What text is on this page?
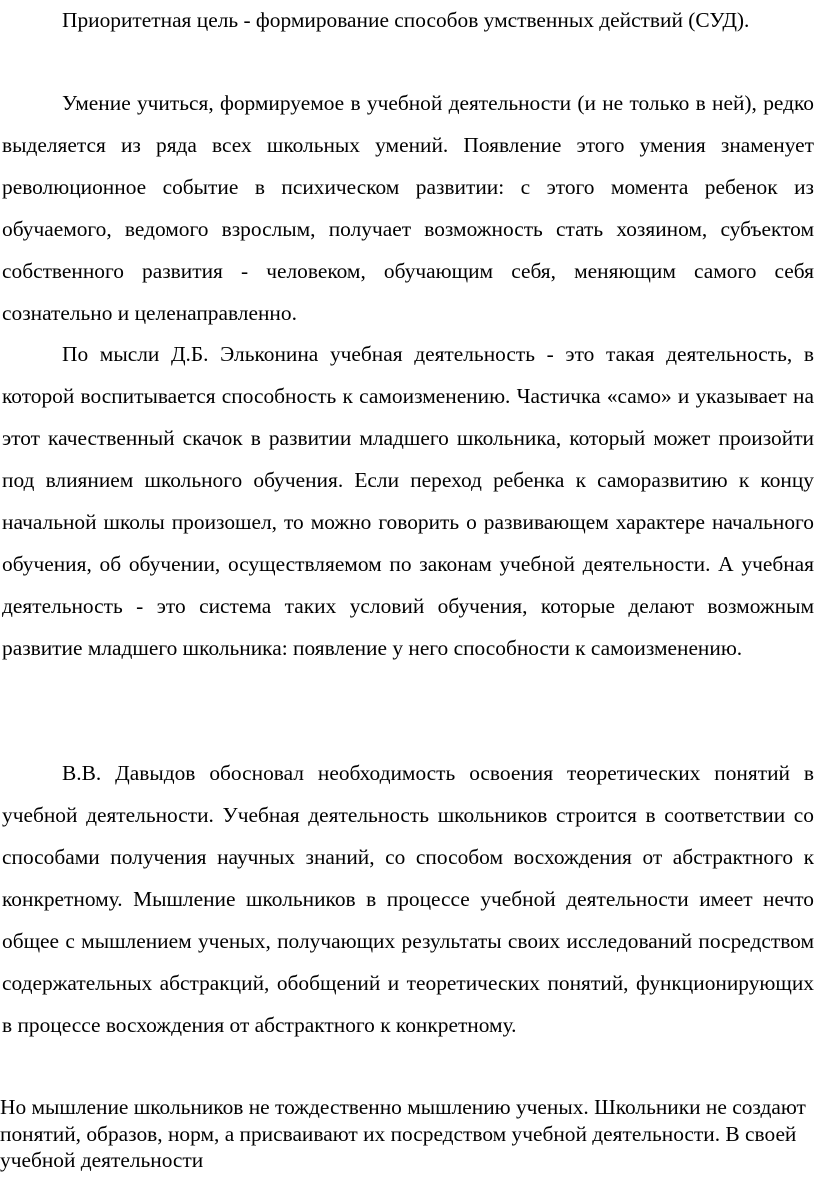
Приоритетная цель - формирование способов умственных действий (СУД).

Умение учиться, формируемое в учебной деятельности (и не только в ней), редко выделяется из ряда всех школьных умений. Появление этого умения знаменует революционное событие в психическом развитии: с этого момента ребенок из обучаемого, ведомого взрослым, получает возможность стать хозяином, субъектом собственного развития - человеком, обучающим себя, меняющим самого себя сознательно и целенаправленно.

По мысли Д.Б. Эльконина учебная деятельность - это такая деятельность, в которой воспитывается способность к самоизменению. Частичка «само» и указывает на этот качественный скачок в развитии младшего школьника, который может произойти под влиянием школьного обучения. Если переход ребенка к саморазвитию к концу начальной школы произошел, то можно говорить о развивающем характере начального обучения, об обучении, осуществляемом по законам учебной деятельности. А учебная деятельность - это система таких условий обучения, которые делают возможным развитие младшего школьника: появление у него способности к самоизменению.

В.В. Давыдов обосновал необходимость освоения теоретических понятий в учебной деятельности. Учебная деятельность школьников строится в соответствии со способами получения научных знаний, со способом восхождения от абстрактного к конкретному. Мышление школьников в процессе учебной деятельности имеет нечто общее с мышлением ученых, получающих результаты своих исследований посредством содержательных абстракций, обобщений и теоретических понятий, функционирующих в процессе восхождения от абстрактного к конкретному.

Но мышление школьников не тождественно мышлению ученых. Школьники не создают понятий, образов, норм, а присваивают их посредством учебной деятельности. В своей учебной деятельности
